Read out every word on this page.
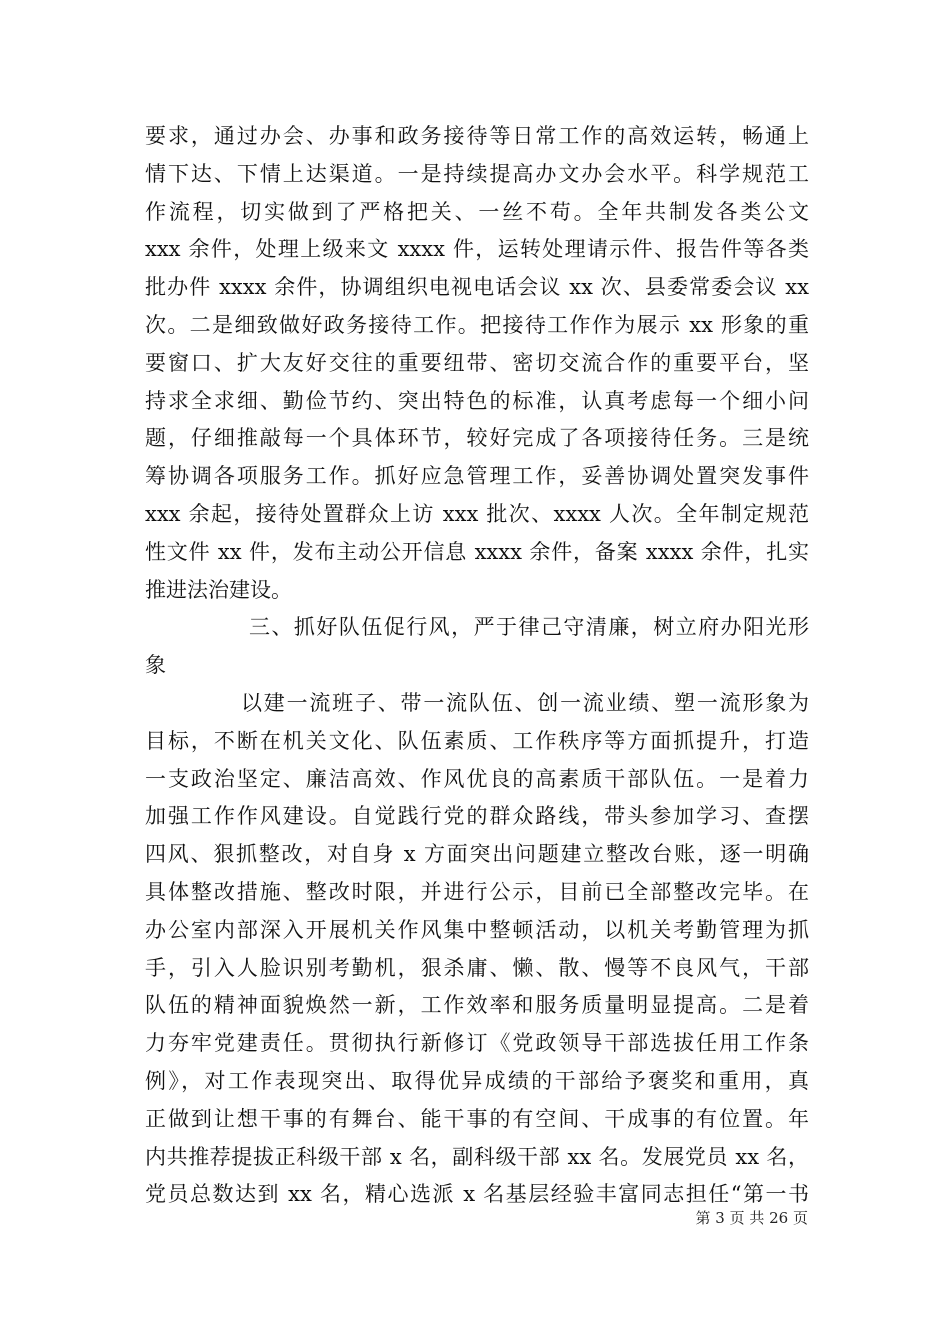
要求，通过办会、办事和政务接待等日常工作的高效运转，畅通上
情下达、下情上达渠道。一是持续提高办文办会水平。科学规范工
作流程，切实做到了严格把关、一丝不苟。全年共制发各类公文
xxx 余件，处理上级来文 xxxx 件，运转处理请示件、报告件等各类
批办件 xxxx 余件，协调组织电视电话会议 xx 次、县委常委会议 xx
次。二是细致做好政务接待工作。把接待工作作为展示 xx 形象的重
要窗口、扩大友好交往的重要纽带、密切交流合作的重要平台，坚
持求全求细、勤俭节约、突出特色的标准，认真考虑每一个细小问
题，仔细推敲每一个具体环节，较好完成了各项接待任务。三是统
筹协调各项服务工作。抓好应急管理工作，妥善协调处置突发事件
xxx 余起，接待处置群众上访 xxx 批次、xxxx 人次。全年制定规范
性文件 xx 件，发布主动公开信息 xxxx 余件，备案 xxxx 余件，扎实
推进法治建设。
三、抓好队伍促行风，严于律己守清廉，树立府办阳光形
象
以建一流班子、带一流队伍、创一流业绩、塑一流形象为
目标，不断在机关文化、队伍素质、工作秩序等方面抓提升，打造
一支政治坚定、廉洁高效、作风优良的高素质干部队伍。一是着力
加强工作作风建设。自觉践行党的群众路线，带头参加学习、查摆
四风、狠抓整改，对自身 x 方面突出问题建立整改台账，逐一明确
具体整改措施、整改时限，并进行公示，目前已全部整改完毕。在
办公室内部深入开展机关作风集中整顿活动，以机关考勤管理为抓
手，引入人脸识别考勤机，狠杀庸、懒、散、慢等不良风气，干部
队伍的精神面貌焕然一新，工作效率和服务质量明显提高。二是着
力夯牢党建责任。贯彻执行新修订《党政领导干部选拔任用工作条
例》，对工作表现突出、取得优异成绩的干部给予褒奖和重用，真
正做到让想干事的有舞台、能干事的有空间、干成事的有位置。年
内共推荐提拔正科级干部 x 名，副科级干部 xx 名。发展党员 xx 名，
党员总数达到 xx 名，精心选派 x 名基层经验丰富同志担任“第一书
第 3 页 共 26 页
